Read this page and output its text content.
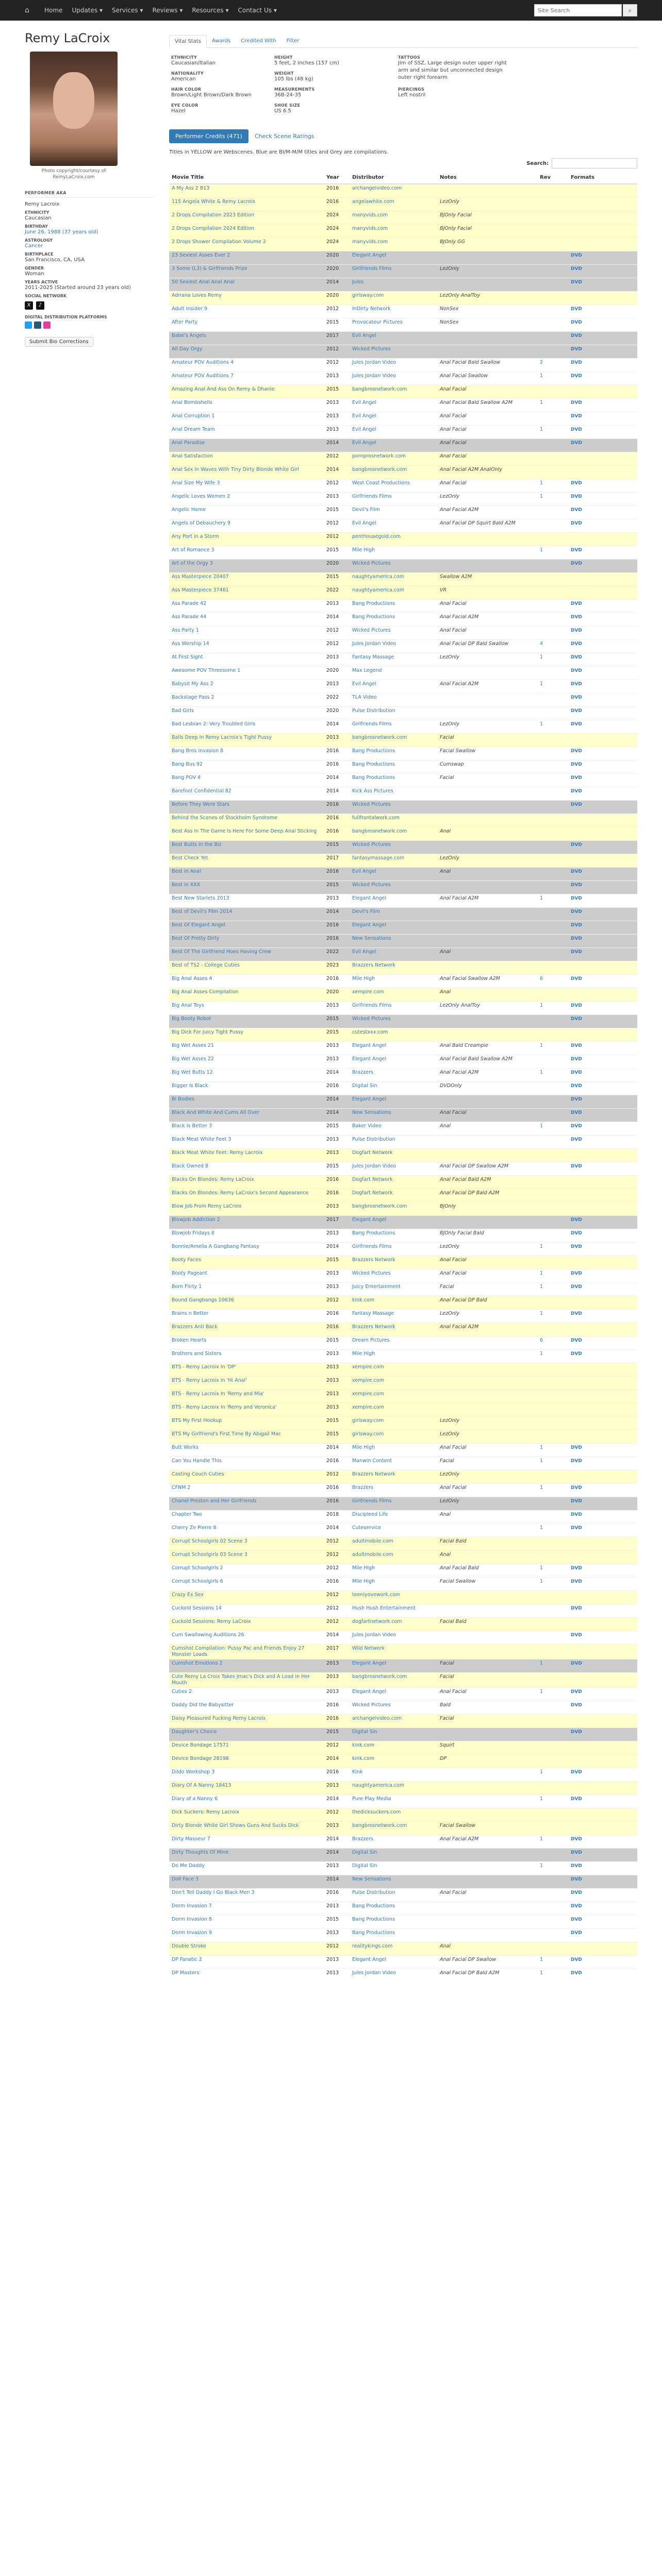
⌂	Home Updates ▾ Services ▾ Reviews ▾ Resources ▾ Contact Us ▾
Site Search	⌕
Remy LaCroix
Photo copyright/courtesy of RemyLaCroix.com
PERFORMER AKA
Remy Lacroix
ETHNICITY
Caucasian
BIRTHDAY
June 26, 1988 (37 years old)
ASTROLOGY
Cancer
BIRTHPLACE
San Francisco, CA, USA
GENDER
Woman
YEARS ACTIVE
2011-2025 (Started around 23 years old)
SOCIAL NETWORK
X	♪
DIGITAL DISTRIBUTION PLATFORMS
Submit Bio Corrections
Vital Stats	Awards	Credited With	Filter
ETHNICITY
Caucasian/Italian
HEIGHT
5 feet, 2 inches (157 cm)
TATTOOS
Jim of SSZ, Large design outer upper right arm and similar but unconnected design outer right forearm
NATIONALITY
American
WEIGHT
105 lbs (48 kg)
HAIR COLOR
Brown/Light Brown/Dark Brown
MEASUREMENTS
36B-24-35
PIERCINGS
Left nostril
EYE COLOR
Hazel
SHOE SIZE
US 6.5
Performer Credits (471)	Check Scene Ratings
Titles in YELLOW are Webscenes. Blue are BI/M-M/M titles and Grey are compilations.
Search:
Movie Title	Year	Distributor	Notes	Rev	Formats
A My Ass 2 B13	2016	archangelvideo.com			
115 Angela White & Remy Lacroix	2016	angelawhite.com	LezOnly		
2 Drops Compilation 2023 Edition	2024	manyvids.com	BJOnly Facial		
2 Drops Compilation 2024 Edition	2024	manyvids.com	BJOnly Facial		
2 Drops Shower Compilation Volume 2	2024	manyvids.com	BJOnly GG		
23 Sexiest Asses Ever 2	2020	Elegant Angel			DVD
3 Some (L3) & Girlfriends Prize	2020	Girlfriends Films	LezOnly		DVD
50 Sexiest Anal Anal Anal	2014	Jules			DVD
Adriana Loves Remy	2020	girlsway.com	LezOnly AnalToy		
Adult Insider 9	2012	InDirty Network	NonSex		DVD
After Party	2015	Provocateur Pictures	NonSex		DVD
Babe's Angels	2017	Evil Angel			DVD
All Day Orgy	2012	Wicked Pictures			DVD
Amateur POV Auditions 4	2012	Jules Jordan Video	Anal Facial Bald Swallow	2	DVD
Amateur POV Auditions 7	2013	Jules Jordan Video	Anal Facial Swallow	1	DVD
Amazing Anal And Ass On Remy & Dhanie	2015	bangbrosnetwork.com	Anal Facial		
Anal Bombshells	2013	Evil Angel	Anal Facial Bald Swallow A2M	1	DVD
Anal Corruption 1	2013	Evil Angel	Anal Facial		DVD
Anal Dream Team	2013	Evil Angel	Anal Facial	1	DVD
Anal Paradise	2014	Evil Angel	Anal Facial		DVD
Anal Satisfaction	2012	pornprosnetwork.com	Anal Facial		
Anal Sex In Waves With Tiny Dirty Blonde White Girl	2014	bangbrosnetwork.com	Anal Facial A2M AnalOnly		
Anal Size My Wife 3	2012	West Coast Productions	Anal Facial	1	DVD
Angelic Loves Women 2	2013	Girlfriends Films	LezOnly	1	DVD
Angelic Home	2015	Devil's Film	Anal Facial A2M		DVD
Angels of Debauchery 9	2012	Evil Angel	Anal Facial DP Squirt Bald A2M		DVD
Any Port in a Storm	2012	penthousegold.com			
Art of Romance 3	2015	Mile High		1	DVD
Art of the Orgy 3	2020	Wicked Pictures			DVD
Ass Masterpiece 20407	2015	naughtyamerica.com	Swallow A2M		
Ass Masterpiece 37461	2022	naughtyamerica.com	VR		
Ass Parade 42	2013	Bang Productions	Anal Facial		DVD
Ass Parade 44	2014	Bang Productions	Anal Facial A2M		DVD
Ass Party 1	2012	Wicked Pictures	Anal Facial		DVD
Ass Worship 14	2012	Jules Jordan Video	Anal Facial DP Bald Swallow	4	DVD
At First Sight	2013	Fantasy Massage	LezOnly	1	DVD
Awesome POV Threesome 1	2020	Max Legend			DVD
Babysit My Ass 2	2013	Evil Angel	Anal Facial A2M	1	DVD
Backstage Pass 2	2022	TLA Video			DVD
Bad Girls	2020	Pulse Distribution			DVD
Bad Lesbian 2: Very Troubled Girls	2014	Girlfriends Films	LezOnly	1	DVD
Balls Deep In Remy Lacroix's Tight Pussy	2013	bangbrosnetwork.com	Facial		
Bang Bros Invasion 8	2016	Bang Productions	Facial Swallow		DVD
Bang Bus 92	2016	Bang Productions	Cumswap		DVD
Bang POV 4	2014	Bang Productions	Facial		DVD
Barefoot Confidential 82	2014	Kick Ass Pictures			DVD
Before They Were Stars	2016	Wicked Pictures			DVD
Behind the Scenes of Stockholm Syndrome	2016	fullfrontalwork.com			
Best Ass In The Game Is Here For Some Deep Anal Sticking	2016	bangbrosnetwork.com	Anal		
Best Butts In the Biz	2015	Wicked Pictures			DVD
Best Check Yet	2017	fantasymassage.com	LezOnly		
Best in Anal	2016	Evil Angel	Anal		DVD
Best in XXX	2015	Wicked Pictures			DVD
Best New Starlets 2013	2013	Elegant Angel	Anal Facial A2M	1	DVD
Best of Devil's Film 2014	2014	Devil's Film			DVD
Best Of Elegant Angel	2016	Elegant Angel			DVD
Best Of Pretty Dirty	2016	New Sensations			DVD
Best Of The Girlfriend Hoes Having Crew	2022	Evil Angel	Anal		DVD
Best of TS2 - College Cuties	2023	Brazzers Network			
Big Anal Asses 4	2016	Mile High	Anal Facial Swallow A2M	6	DVD
Big Anal Asses Compilation	2020	xempire.com	Anal		
Big Anal Toys	2013	Girlfriends Films	LezOnly AnalToy	1	DVD
Big Booty Robot	2015	Wicked Pictures			DVD
Big Dick For Juicy Tight Pussy	2015	cutestxxx.com			
Big Wet Asses 21	2013	Elegant Angel	Anal Bald Creampie	1	DVD
Big Wet Asses 22	2013	Elegant Angel	Anal Facial Bald Swallow A2M		DVD
Big Wet Butts 12	2014	Brazzers	Anal Facial A2M	1	DVD
Bigger Is Black	2016	Digital Sin	DVDOnly		DVD
Bi Bodies	2014	Elegant Angel			DVD
Black And White And Cums All Over	2014	New Sensations	Anal Facial		DVD
Black Is Better 3	2015	Baker Video	Anal	1	DVD
Black Meat White Feet 3	2013	Pulse Distribution			DVD
Black Meat White Feet: Remy Lacroix	2013	Dogfart Network			
Black Owned 8	2015	Jules Jordan Video	Anal Facial DP Swallow A2M		DVD
Blacks On Blondes: Remy LaCroix	2016	Dogfart Network	Anal Facial Bald A2M		
Blacks On Blondes: Remy LaCroix's Second Appearance	2016	Dogfart Network	Anal Facial DP Bald A2M		
Blow Job From Remy LaCroix	2013	bangbrosnetwork.com	BJOnly		
Blowjob Addiction 2	2017	Elegant Angel			DVD
Blowjob Fridays 6	2013	Bang Productions	BJOnly Facial Bald		DVD
Bonnie/Amelia A Gangbang Fantasy	2014	Girlfriends Films	LezOnly	1	DVD
Booty Faces	2015	Brazzers Network	Anal Facial		
Booty Pageant	2013	Wicked Pictures	Anal Facial	1	DVD
Born Flirty 1	2013	Juicy Entertainment	Facial	1	DVD
Bound Gangbangs 10636	2012	kink.com	Anal Facial DP Bald		
Brains n Better	2016	Fantasy Massage	LezOnly	1	DVD
Brazzers Anti Back	2016	Brazzers Network	Anal Facial A2M		
Broken Hearts	2015	Dream Pictures		6	DVD
Brothers and Sisters	2013	Mile High		1	DVD
BTS - Remy Lacroix In 'DP'	2013	xempire.com			
BTS - Remy Lacroix In 'Hi Anal'	2013	xempire.com			
BTS - Remy Lacroix In 'Remy and Mia'	2013	xempire.com			
BTS - Remy Lacroix In 'Remy and Veronica'	2013	xempire.com			
BTS My First Hookup	2015	girlsway.com	LezOnly		
BTS My Girlfriend's First Time By Abigail Mac	2015	girlsway.com	LezOnly		
Butt Works	2014	Mile High	Anal Facial	1	DVD
Can You Handle This	2016	Manwin Content	Facial	1	DVD
Casting Couch Cuties	2012	Brazzers Network	LezOnly		
CFNM 2	2016	Brazzers	Anal Facial	1	DVD
Chanel Preston and Her Girlfriends	2016	Girlfriends Films	LezOnly		DVD
Chapter Two	2018	Discipleed Life	Anal		DVD
Cherry Ze Pierre 8	2014	Cuteservice		1	DVD
Corrupt Schoolgirls 02 Scene 3	2012	adultmobile.com	Facial Bald		
Corrupt Schoolgirls 03 Scene 3	2012	adultmobile.com	Anal		
Corrupt Schoolgirls 2	2012	Mile High	Anal Facial Bald	1	DVD
Corrupt Schoolgirls 6	2016	Mile High	Facial Swallow	1	DVD
Crazy Ex Sex	2012	teenlyovework.com			
Cuckold Sessions 14	2012	Hush Hush Entertainment			DVD
Cuckold Sessions: Remy LaCroix	2012	dogfartnetwork.com	Facial Bald		
Cum Swallowing Auditions 26	2014	Jules Jordan Video			DVD
Cumshot Compilation: Pussy Pac and Friends Enjoy 27 Monster Loads	2017	Wild Network			
Cumshot Emotions 2	2013	Elegant Angel	Facial	1	DVD
Cute Remy La Croix Takes Jmac's Dick and A Load In Her Mouth	2013	bangbrosnetwork.com	Facial		
Cuties 2	2013	Elegant Angel	Anal Facial	1	DVD
Daddy Did the Babysitter	2016	Wicked Pictures	Bald		DVD
Daisy Pleasured Fucking Remy Lacroix	2016	archangelvideo.com	Facial		
Daughter's Choice	2015	Digital Sin			DVD
Device Bondage 17571	2012	kink.com	Squirt		
Device Bondage 28198	2014	kink.com	DP		
Dildo Workshop 3	2016	Kink		1	DVD
Diary Of A Nanny 18413	2013	naughtyamerica.com			
Diary of a Nanny 6	2014	Pure Play Media		1	DVD
Dick Suckers: Remy Lacroix	2012	thedicksuckers.com			
Dirty Blonde White Girl Shows Guns And Sucks Dick	2013	bangbrosnetwork.com	Facial Swallow		
Dirty Masseur 7	2014	Brazzers	Anal Facial A2M	1	DVD
Dirty Thoughts Of Mine	2014	Digital Sin			DVD
Do Me Daddy	2013	Digital Sin		1	DVD
Doll Face 3	2014	New Sensations			DVD
Don't Tell Daddy I Go Black Men 3	2016	Pulse Distribution	Anal Facial		DVD
Dorm Invasion 7	2013	Bang Productions			DVD
Dorm Invasion 8	2015	Bang Productions			DVD
Dorm Invasion 9	2013	Bang Productions			DVD
Double Stroke	2012	realitykings.com	Anal		
DP Fanatic 2	2013	Elegant Angel	Anal Facial DP Swallow	1	DVD
DP Masters	2013	Jules Jordan Video	Anal Facial DP Bald A2M	1	DVD
